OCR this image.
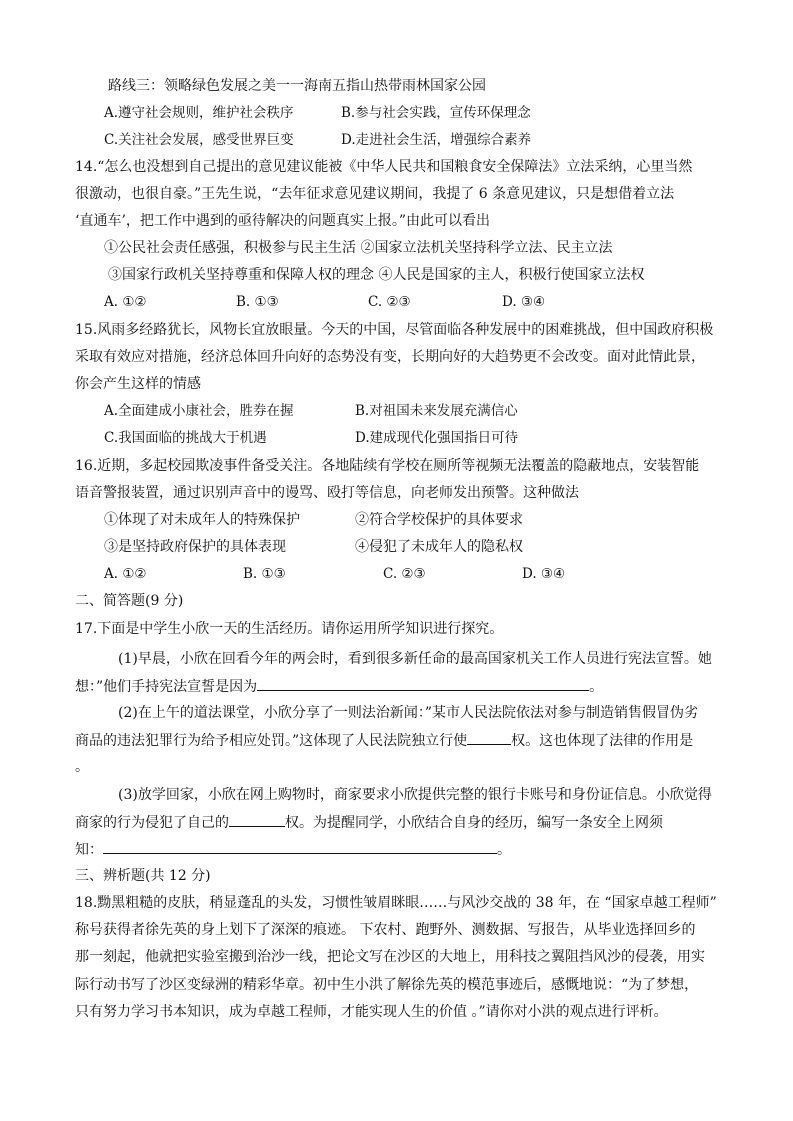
路线三：领略绿色发展之美一一海南五指山热带雨林国家公园
A.遵守社会规则，维护社会秩序	B.参与社会实践，宣传环保理念
C.关注社会发展，感受世界巨变	D.走进社会生活，增强综合素养
14.“怎么也没想到自己提出的意见建议能被《中华人民共和国粮食安全保障法》立法采纳，心里当然
很激动，也很自豪。”王先生说，“去年征求意见建议期间，我提了 6 条意见建议，只是想借着立法
‘直通车’，把工作中遇到的亟待解决的问题真实上报。”由此可以看出
①公民社会责任感强，积极参与民主生活 ②国家立法机关坚持科学立法、民主立法
③国家行政机关坚持尊重和保障人权的理念 ④人民是国家的主人，积极行使国家立法权
A. ①②	B. ①③	C. ②③	D. ③④
15.风雨多经路犹长，风物长宜放眼量。今天的中国，尽管面临各种发展中的困难挑战，但中国政府积极
采取有效应对措施，经济总体回升向好的态势没有变，长期向好的大趋势更不会改变。面对此情此景，
你会产生这样的情感
A.全面建成小康社会，胜券在握	B.对祖国未来发展充满信心
C.我国面临的挑战大于机遇	D.建成现代化强国指日可待
16.近期，多起校园欺凌事件备受关注。各地陆续有学校在厕所等视频无法覆盖的隐蔽地点，安装智能
语音警报装置，通过识别声音中的谩骂、殴打等信息，向老师发出预警。这种做法
①体现了对未成年人的特殊保护	②符合学校保护的具体要求
③是坚持政府保护的具体表现	④侵犯了未成年人的隐私权
A. ①②	B. ①③	C. ②③	D. ③④
二、简答题(9 分)
17.下面是中学生小欣一天的生活经历。请你运用所学知识进行探究。
(1)早晨，小欣在回看今年的两会时，看到很多新任命的最高国家机关工作人员进行宪法宣誓。她
想：”他们手持宪法宣誓是因为	。
(2)在上午的道法课堂，小欣分享了一则法治新闻：”某市人民法院依法对参与制造销售假冒伪劣
商品的违法犯罪行为给予相应处罚。”这体现了人民法院独立行使	权。这也体现了法律的作用是
。
(3)放学回家，小欣在网上购物时，商家要求小欣提供完整的银行卡账号和身份证信息。小欣觉得
商家的行为侵犯了自己的	权。为提醒同学，小欣结合自身的经历，编写一条安全上网须
知：	。
三、辨析题(共 12 分)
18.黝黑粗糙的皮肤，稍显蓬乱的头发，习惯性皱眉眯眼……与风沙交战的 38 年，在 “国家卓越工程师”
称号获得者徐先英的身上划下了深深的痕迹。 下农村、跑野外、测数据、写报告，从毕业选择回乡的
那一刻起，他就把实验室搬到治沙一线，把论文写在沙区的大地上，用科技之翼阻挡风沙的侵袭，用实
际行动书写了沙区变绿洲的精彩华章。初中生小洪了解徐先英的模范事迹后，感慨地说：“为了梦想，
只有努力学习书本知识，成为卓越工程师，才能实现人生的价值 。”请你对小洪的观点进行评析。
